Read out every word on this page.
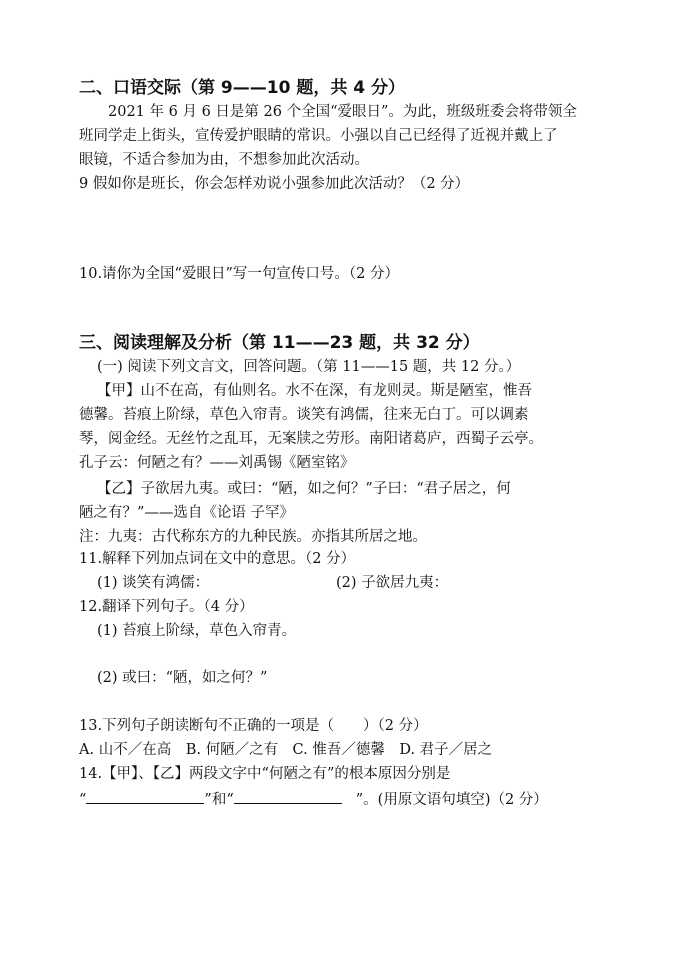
二、口语交际（第 9——10 题，共 4 分）
2021 年 6 月 6 日是第 26 个全国“爱眼日”。为此，班级班委会将带领全
班同学走上街头，宣传爱护眼睛的常识。小强以自己已经得了近视并戴上了
眼镜，不适合参加为由，不想参加此次活动。
9 假如你是班长，你会怎样劝说小强参加此次活动？（2 分）
10.请你为全国“爱眼日”写一句宣传口号。（2 分）
三、阅读理解及分析（第 11——23 题，共 32 分）
(一) 阅读下列文言文，回答问题。（第 11——15 题，共 12 分。）
【甲】山不在高，有仙则名。水不在深，有龙则灵。斯是陋室，惟吾
德馨。苔痕上阶绿，草色入帘青。谈笑有鸿儒，往来无白丁。可以调素
琴，阅金经。无丝竹之乱耳，无案牍之劳形。南阳诸葛庐，西蜀子云亭。
孔子云：何陋之有？——刘禹锡《陋室铭》
【乙】子欲居九夷。或曰：“陋，如之何？”子曰：“君子居之，何
陋之有？”——选自《论语 子罕》
注：九夷：古代称东方的九种民族。亦指其所居之地。
11.解释下列加点词在文中的意思。（2 分）
(1) 谈笑有鸿儒：	(2) 子欲居九夷：
12.翻译下列句子。（4 分）
(1) 苔痕上阶绿，草色入帘青。
(2) 或曰：“陋，如之何？”
13.下列句子朗读断句不正确的一项是（　　）（2 分）
A. 山不／在高　B. 何陋／之有　C. 惟吾／德馨　D. 君子／居之
14.【甲】、【乙】两段文字中“何陋之有”的根本原因分别是
“	”和“	”。(用原文语句填空)（2 分）
